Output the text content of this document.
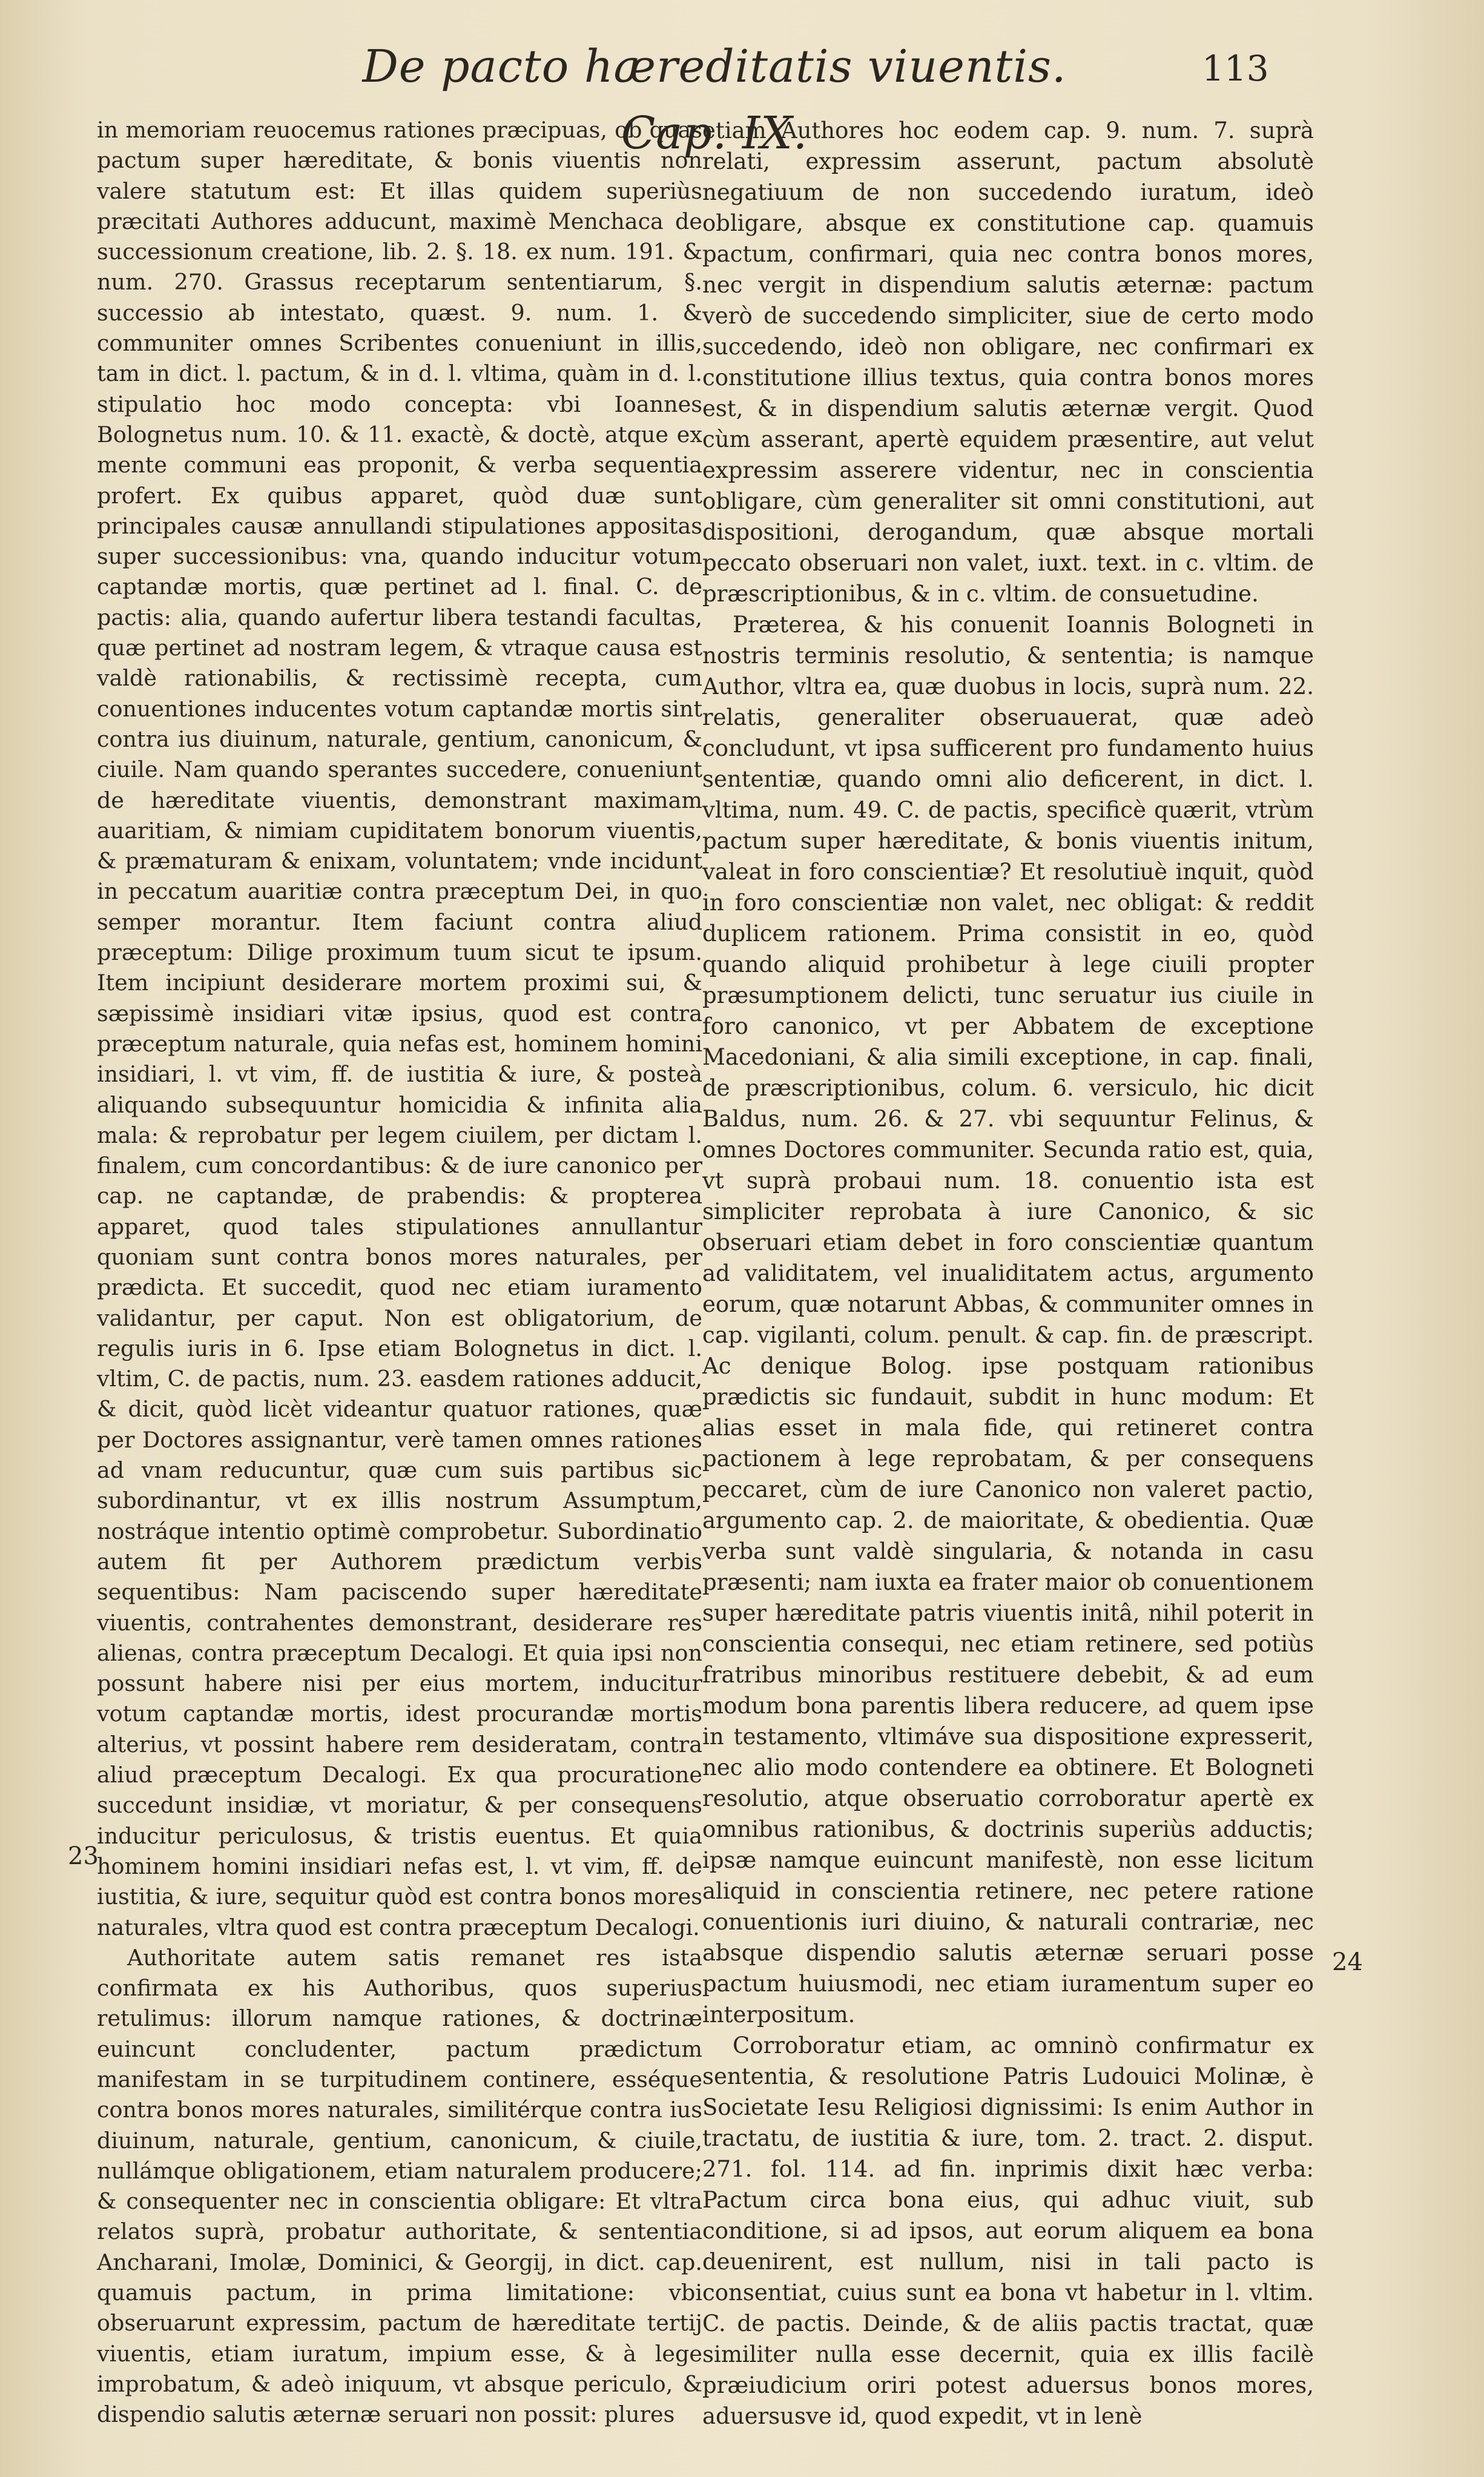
De pacto hæreditatis viuentis. Cap. IX.
113

in memoriam reuocemus rationes præcipuas, ob quas pactum super hæreditate, & bonis viuentis non valere statutum est: Et illas quidem superiùs præcitati Authores adducunt, maximè Menchaca de successionum creatione, lib. 2. §. 18. ex num. 191. & num. 270. Grassus receptarum sententiarum, §. successio ab intestato, quæst. 9. num. 1. & communiter omnes Scribentes conueniunt in illis, tam in dict. l. pactum, & in d. l. vltima, quàm in d. l. stipulatio hoc modo concepta: vbi Ioannes Bolognetus num. 10. & 11. exactè, & doctè, atque ex mente communi eas proponit, & verba sequentia profert. Ex quibus apparet, quòd duæ sunt principales causæ annullandi stipulationes appositas super successionibus: vna, quando inducitur votum captandæ mortis, quæ pertinet ad l. final. C. de pactis: alia, quando aufertur libera testandi facultas, quæ pertinet ad nostram legem, & vtraque causa est valdè rationabilis, & rectissimè recepta, cum conuentiones inducentes votum captandæ mortis sint contra ius diuinum, naturale, gentium, canonicum, & ciuile. Nam quando sperantes succedere, conueniunt de hæreditate viuentis, demonstrant maximam auaritiam, & nimiam cupiditatem bonorum viuentis, & præmaturam & enixam, voluntatem; vnde incidunt in peccatum auaritiæ contra præceptum Dei, in quo semper morantur. Item faciunt contra aliud præceptum: Dilige proximum tuum sicut te ipsum. Item incipiunt desiderare mortem proximi sui, & sæpissimè insidiari vitæ ipsius, quod est contra præceptum naturale, quia nefas est, hominem homini insidiari, l. vt vim, ff. de iustitia & iure, & posteà aliquando subsequuntur homicidia & infinita alia mala: & reprobatur per legem ciuilem, per dictam l. finalem, cum concordantibus: & de iure canonico per cap. ne captandæ, de prabendis: & propterea apparet, quod tales stipulationes annullantur quoniam sunt contra bonos mores naturales, per prædicta. Et succedit, quod nec etiam iuramento validantur, per caput. Non est obligatorium, de regulis iuris in 6. Ipse etiam Bolognetus in dict. l. vltim, C. de pactis, num. 23. easdem rationes adducit, & dicit, quòd licèt videantur quatuor rationes, quæ per Doctores assignantur, verè tamen omnes rationes ad vnam reducuntur, quæ cum suis partibus sic subordinantur, vt ex illis nostrum Assumptum, nostráque intentio optimè comprobetur. Subordinatio autem fit per Authorem prædictum verbis sequentibus: Nam paciscendo super hæreditate viuentis, contrahentes demonstrant, desiderare res alienas, contra præceptum Decalogi. Et quia ipsi non possunt habere nisi per eius mortem, inducitur votum captandæ mortis, idest procurandæ mortis alterius, vt possint habere rem desideratam, contra aliud præceptum Decalogi. Ex qua procuratione succedunt insidiæ, vt moriatur, & per consequens inducitur periculosus, & tristis euentus. Et quia hominem homini insidiari nefas est, l. vt vim, ff. de iustitia, & iure, sequitur quòd est contra bonos mores naturales, vltra quod est contra præceptum Decalogi.

Authoritate autem satis remanet res ista confirmata ex his Authoribus, quos superius retulimus: illorum namque rationes, & doctrinæ euincunt concludenter, pactum prædictum manifestam in se turpitudinem continere, esséque contra bonos mores naturales, similitérque contra ius diuinum, naturale, gentium, canonicum, & ciuile, nullámque obligationem, etiam naturalem producere; & consequenter nec in conscientia obligare: Et vltra relatos suprà, probatur authoritate, & sententia Ancharani, Imolæ, Dominici, & Georgij, in dict. cap. quamuis pactum, in prima limitatione: vbi obseruarunt expressim, pactum de hæreditate tertij viuentis, etiam iuratum, impium esse, & à lege improbatum, & adeò iniquum, vt absque periculo, & dispendio salutis æternæ seruari non possit: plures

etiam Authores hoc eodem cap. 9. num. 7. suprà relati, expressim asserunt, pactum absolutè negatiuum de non succedendo iuratum, ideò obligare, absque ex constitutione cap. quamuis pactum, confirmari, quia nec contra bonos mores, nec vergit in dispendium salutis æternæ: pactum verò de succedendo simpliciter, siue de certo modo succedendo, ideò non obligare, nec confirmari ex constitutione illius textus, quia contra bonos mores est, & in dispendium salutis æternæ vergit. Quod cùm asserant, apertè equidem præsentire, aut velut expressim asserere videntur, nec in conscientia obligare, cùm generaliter sit omni constitutioni, aut dispositioni, derogandum, quæ absque mortali peccato obseruari non valet, iuxt. text. in c. vltim. de præscriptionibus, & in c. vltim. de consuetudine.

Præterea, & his conuenit Ioannis Bologneti in nostris terminis resolutio, & sententia; is namque Author, vltra ea, quæ duobus in locis, suprà num. 22. relatis, generaliter obseruauerat, quæ adeò concludunt, vt ipsa sufficerent pro fundamento huius sententiæ, quando omni alio deficerent, in dict. l. vltima, num. 49. C. de pactis, specificè quærit, vtrùm pactum super hæreditate, & bonis viuentis initum, valeat in foro conscientiæ? Et resolutiuè inquit, quòd in foro conscientiæ non valet, nec obligat: & reddit duplicem rationem. Prima consistit in eo, quòd quando aliquid prohibetur à lege ciuili propter præsumptionem delicti, tunc seruatur ius ciuile in foro canonico, vt per Abbatem de exceptione Macedoniani, & alia simili exceptione, in cap. finali, de præscriptionibus, colum. 6. versiculo, hic dicit Baldus, num. 26. & 27. vbi sequuntur Felinus, & omnes Doctores communiter. Secunda ratio est, quia, vt suprà probaui num. 18. conuentio ista est simpliciter reprobata à iure Canonico, & sic obseruari etiam debet in foro conscientiæ quantum ad validitatem, vel inualiditatem actus, argumento eorum, quæ notarunt Abbas, & communiter omnes in cap. vigilanti, colum. penult. & cap. fin. de præscript. Ac denique Bolog. ipse postquam rationibus prædictis sic fundauit, subdit in hunc modum: Et alias esset in mala fide, qui retineret contra pactionem à lege reprobatam, & per consequens peccaret, cùm de iure Canonico non valeret pactio, argumento cap. 2. de maioritate, & obedientia. Quæ verba sunt valdè singularia, & notanda in casu præsenti; nam iuxta ea frater maior ob conuentionem super hæreditate patris viuentis initâ, nihil poterit in conscientia consequi, nec etiam retinere, sed potiùs fratribus minoribus restituere debebit, & ad eum modum bona parentis libera reducere, ad quem ipse in testamento, vltimáve sua dispositione expresserit, nec alio modo contendere ea obtinere. Et Bologneti resolutio, atque obseruatio corroboratur apertè ex omnibus rationibus, & doctrinis superiùs adductis; ipsæ namque euincunt manifestè, non esse licitum aliquid in conscientia retinere, nec petere ratione conuentionis iuri diuino, & naturali contrariæ, nec absque dispendio salutis æternæ seruari posse pactum huiusmodi, nec etiam iuramentum super eo interpositum.

Corroboratur etiam, ac omninò confirmatur ex sententia, & resolutione Patris Ludouici Molinæ, è Societate Iesu Religiosi dignissimi: Is enim Author in tractatu, de iustitia & iure, tom. 2. tract. 2. disput. 271. fol. 114. ad fin. inprimis dixit hæc verba: Pactum circa bona eius, qui adhuc viuit, sub conditione, si ad ipsos, aut eorum aliquem ea bona deuenirent, est nullum, nisi in tali pacto is consentiat, cuius sunt ea bona vt habetur in l. vltim. C. de pactis. Deinde, & de aliis pactis tractat, quæ similiter nulla esse decernit, quia ex illis facilè præiudicium oriri potest aduersus bonos mores, aduersusve id, quod expedit, vt in lenè

23
24
